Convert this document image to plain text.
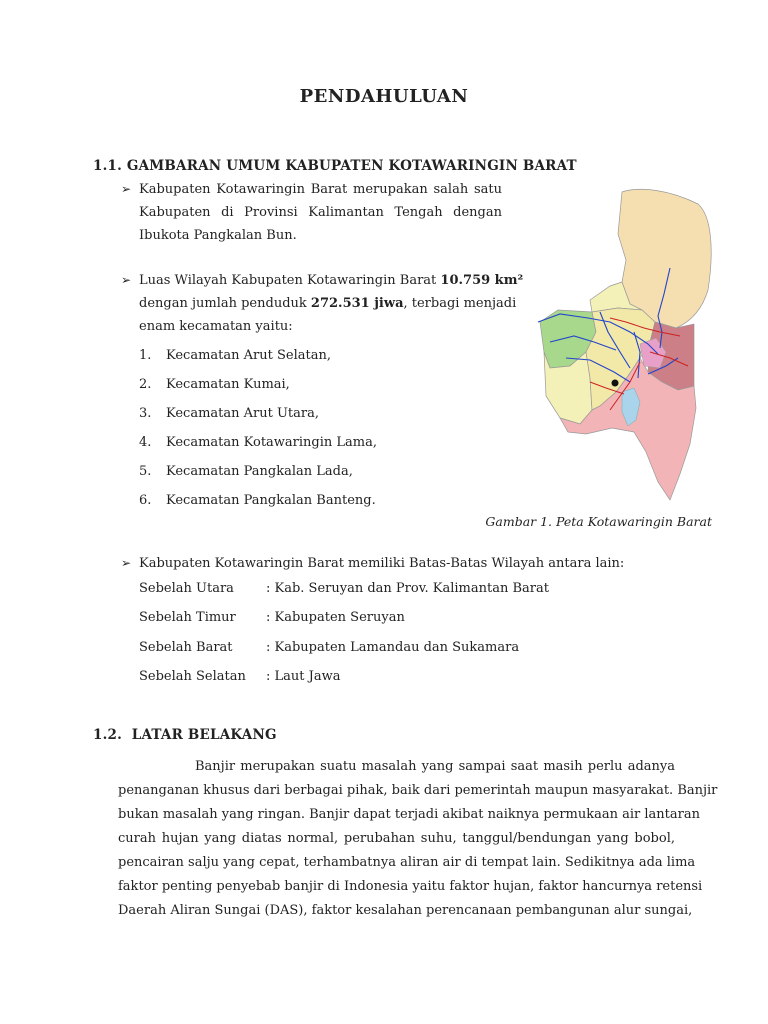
PENDAHULUAN
1.1. GAMBARAN UMUM KABUPATEN KOTAWARINGIN BARAT
➢ Kabupaten Kotawaringin Barat merupakan salah satu
Kabupaten di Provinsi Kalimantan Tengah dengan
Ibukota Pangkalan Bun.
➢ Luas Wilayah Kabupaten Kotawaringin Barat 10.759 km²
dengan jumlah penduduk 272.531 jiwa, terbagi menjadi
enam kecamatan yaitu:
1. Kecamatan Arut Selatan,
2. Kecamatan Kumai,
3. Kecamatan Arut Utara,
4. Kecamatan Kotawaringin Lama,
5. Kecamatan Pangkalan Lada,
6. Kecamatan Pangkalan Banteng.
Gambar 1. Peta Kotawaringin Barat
➢ Kabupaten Kotawaringin Barat memiliki Batas-Batas Wilayah antara lain:
Sebelah Utara : Kab. Seruyan dan Prov. Kalimantan Barat
Sebelah Timur : Kabupaten Seruyan
Sebelah Barat	: Kabupaten Lamandau dan Sukamara
Sebelah Selatan : Laut Jawa
1.2.  LATAR BELAKANG
Banjir merupakan suatu masalah yang sampai saat masih perlu adanya
penanganan khusus dari berbagai pihak, baik dari pemerintah maupun masyarakat. Banjir
bukan masalah yang ringan. Banjir dapat terjadi akibat naiknya permukaan air lantaran
curah hujan yang diatas normal, perubahan suhu, tanggul/bendungan yang bobol,
pencairan salju yang cepat, terhambatnya aliran air di tempat lain. Sedikitnya ada lima
faktor penting penyebab banjir di Indonesia yaitu faktor hujan, faktor hancurnya retensi
Daerah Aliran Sungai (DAS), faktor kesalahan perencanaan pembangunan alur sungai,
